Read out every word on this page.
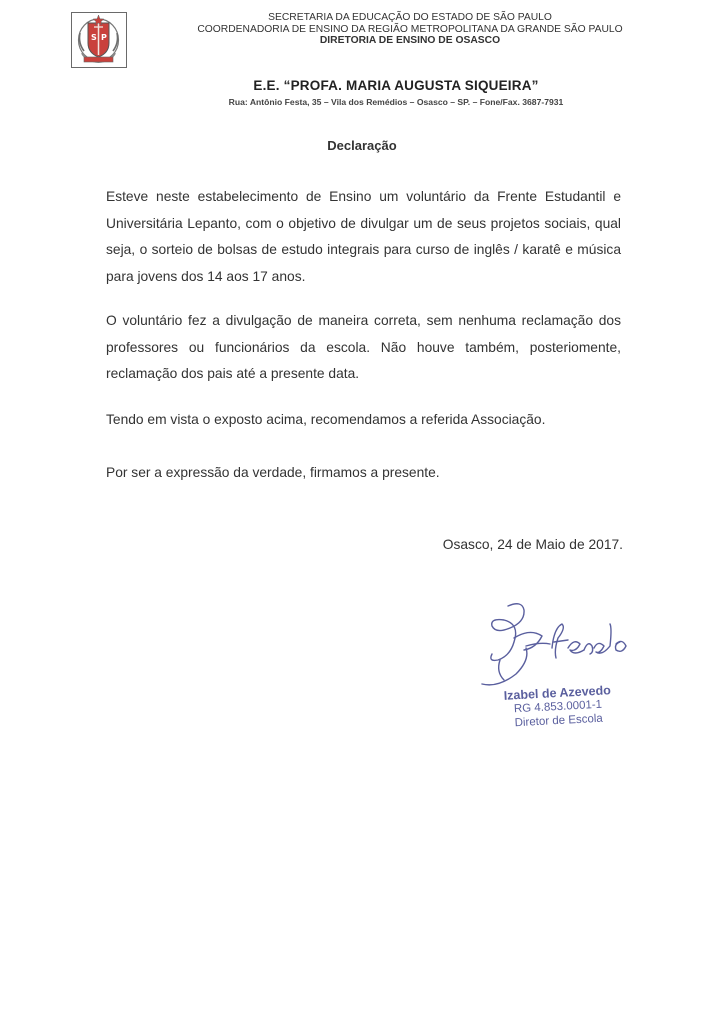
S P
SECRETARIA DA EDUCAÇÃO DO ESTADO DE SÃO PAULO
COORDENADORIA DE ENSINO DA REGIÃO METROPOLITANA DA GRANDE SÃO PAULO
DIRETORIA DE ENSINO DE OSASCO
E.E. “PROFA. MARIA AUGUSTA SIQUEIRA”
Rua: Antônio Festa, 35 – Vila dos Remédios – Osasco – SP. – Fone/Fax. 3687-7931
Declaração

Esteve neste estabelecimento de Ensino um voluntário da Frente Estudantil e Universitária Lepanto, com o objetivo de divulgar um de seus projetos sociais, qual seja, o sorteio de bolsas de estudo integrais para curso de inglês / karatê e música para jovens dos 14 aos 17 anos.

O voluntário fez a divulgação de maneira correta, sem nenhuma reclamação dos professores ou funcionários da escola. Não houve também, posteriomente, reclamação dos pais até a presente data.

Tendo em vista o exposto acima, recomendamos a referida Associação.

Por ser a expressão da verdade, firmamos a presente.

Osasco, 24 de Maio de 2017.
Izabel de Azevedo
RG 4.853.0001-1
Diretor de Escola
